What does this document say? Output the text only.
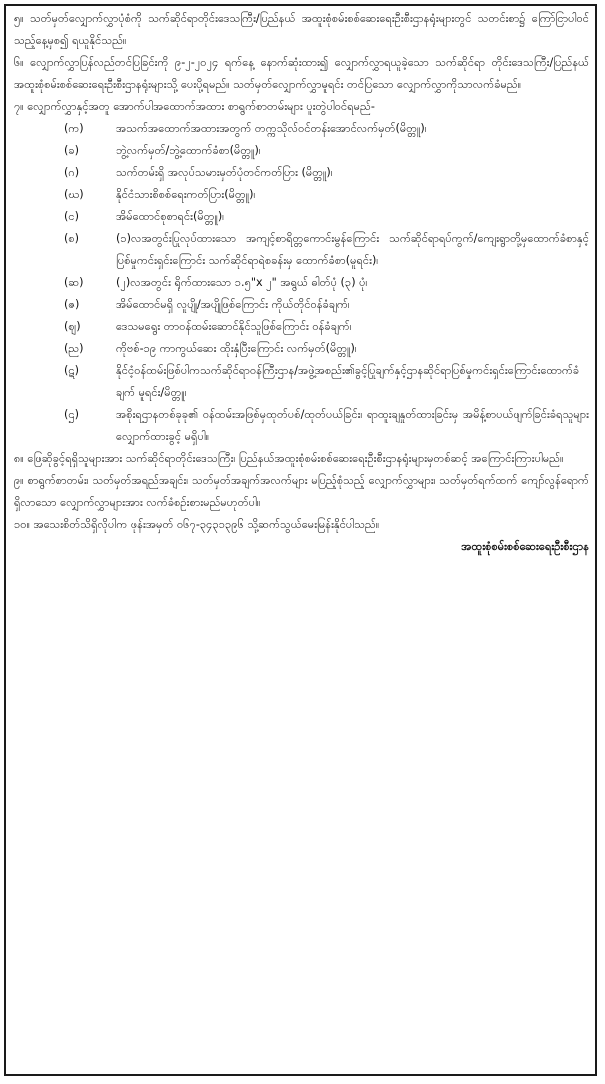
၅။ သတ်မှတ်လျှောက်လွှာပုံစံကို သက်ဆိုင်ရာတိုင်းဒေသကြီး/ပြည်နယ် အထူးစုံစမ်းစစ်ဆေးရေးဦးစီးဌာနရုံးများတွင် သတင်းစာ၌ ကြော်ငြာပါဝင်သည့်နေ့မှစ၍ ရယူနိုင်သည်။

၆။ လျှောက်လွှာပြန်လည်တင်ပြခြင်းကို ၉-၂-၂၀၂၄ ရက်နေ့ နောက်ဆုံးထား၍ လျှောက်လွှာရယူခဲ့သော သက်ဆိုင်ရာ တိုင်းဒေသကြီး/ပြည်နယ် အထူးစုံစမ်းစစ်ဆေးရေးဦးစီးဌာနရုံးများသို့ ပေးပို့ရမည်။ သတ်မှတ်လျှောက်လွှာမူရင်း တင်ပြသော လျှောက်လွှာကိုသာလက်ခံမည်။

၇။ လျှောက်လွှာနှင့်အတူ အောက်ပါအထောက်အထား စာရွက်စာတမ်းများ ပူးတွဲပါဝင်ရမည်-

(က)	အသက်အထောက်အထားအတွက် တက္ကသိုလ်ဝင်တန်းအောင်လက်မှတ်(မိတ္တူ)၊
(ခ)	ဘွဲ့လက်မှတ်/ဘွဲ့ထောက်ခံစာ(မိတ္တူ)၊
(ဂ)	သက်တမ်းရှိ အလုပ်သမားမှတ်ပုံတင်ကတ်ပြား (မိတ္တူ)၊
(ဃ)	နိုင်ငံသားစိစစ်ရေးကတ်ပြား(မိတ္တူ)၊
(င)	အိမ်ထောင်စုစာရင်း(မိတ္တူ)၊
(စ)	(၁)လအတွင်းပြုလုပ်ထားသော အကျင့်စာရိတ္တကောင်းမွန်ကြောင်း သက်ဆိုင်ရာရပ်ကွက်/ကျေးရွာတို့မှထောက်ခံစာနှင့် ပြစ်မှုကင်းရှင်းကြောင်း သက်ဆိုင်ရာရဲစခန်းမှ ထောက်ခံစာ(မူရင်း)၊
(ဆ)	(၂)လအတွင်း ရိုက်ထားသော ၁.၅"x ၂" အရွယ် ဓါတ်ပုံ (၃) ပုံ၊
(ဇ)	အိမ်ထောင်မရှိ လူပျို/အပျိုဖြစ်ကြောင်း ကိုယ်တိုင်ဝန်ခံချက်၊
(ဈ)	ဒေသမရွေး တာဝန်ထမ်းဆောင်နိုင်သူဖြစ်ကြောင်း ဝန်ခံချက်၊
(ည)	ကိုဗစ်-၁၉ ကာကွယ်ဆေး ထိုးနှံပြီးကြောင်း လက်မှတ်(မိတ္တူ)၊
(ဋ)	နိုင်ငံ့ဝန်ထမ်းဖြစ်ပါကသက်ဆိုင်ရာဝန်ကြီးဌာန/အဖွဲ့အစည်း၏ခွင့်ပြုချက်နှင့်ဌာနဆိုင်ရာပြစ်မှုကင်းရှင်းကြောင်းထောက်ခံချက် မူရင်း/မိတ္တူ၊
(ဌ)	အစိုးရဌာနတစ်ခုခု၏ ဝန်ထမ်းအဖြစ်မှထုတ်ပစ်/ထုတ်ပယ်ခြင်း၊ ရာထူးချနှုတ်ထားခြင်းမှ အမိန့်စာပယ်ဖျက်ခြင်းခံရသူများ လျှောက်ထားခွင့် မရှိပါ။

၈။ ဖြေဆိုခွင့်ရရှိသူများအား သက်ဆိုင်ရာတိုင်းဒေသကြီး၊ ပြည်နယ်အထူးစုံစမ်းစစ်ဆေးရေးဦးစီးဌာနရုံးများမှတစ်ဆင့် အကြောင်းကြားပါမည်။

၉။ စာရွက်စာတမ်း၊ သတ်မှတ်အရည်အချင်း၊ သတ်မှတ်အချက်အလက်များ မပြည့်စုံသည့် လျှောက်လွှာများ၊ သတ်မှတ်ရက်ထက် ကျော်လွန်ရောက်ရှိလာသော လျှောက်လွှာများအား လက်ခံစဉ်းစားမည်မဟုတ်ပါ။

၁၀။ အသေးစိတ်သိရှိလိုပါက ဖုန်းအမှတ် ၀၆၇-၃၄၃၁၃၉၆ သို့ဆက်သွယ်မေးမြန်းနိုင်ပါသည်။
အထူးစုံစမ်းစစ်ဆေးရေးဦးစီးဌာန
